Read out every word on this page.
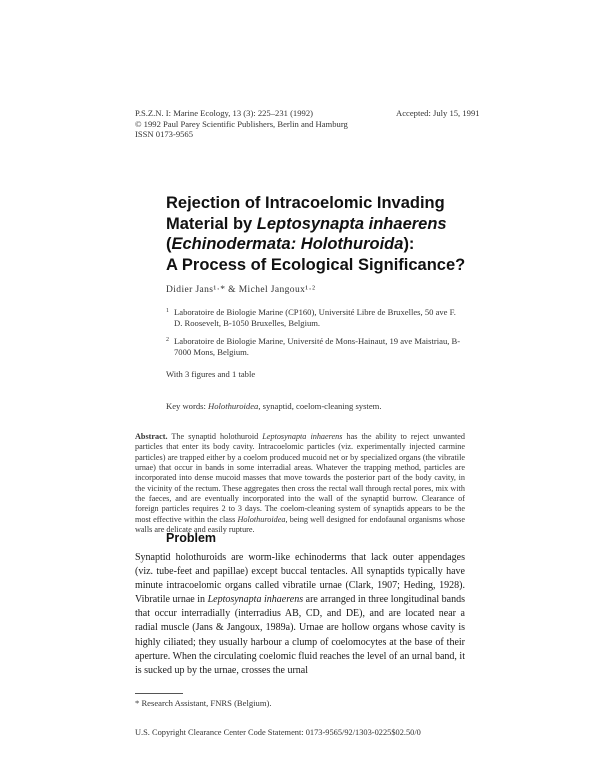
P.S.Z.N. I: Marine Ecology, 13 (3): 225–231 (1992)
© 1992 Paul Parey Scientific Publishers, Berlin and Hamburg
ISSN 0173-9565
Accepted: July 15, 1991
Rejection of Intracoelomic Invading
Material by Leptosynapta inhaerens
(Echinodermata: Holothuroida):
A Process of Ecological Significance?
Didier Jans¹·* & Michel Jangoux¹·²
1 Laboratoire de Biologie Marine (CP160), Université Libre de Bruxelles, 50 ave F. D. Roosevelt, B-1050 Bruxelles, Belgium.
2 Laboratoire de Biologie Marine, Université de Mons-Hainaut, 19 ave Maistriau, B-7000 Mons, Belgium.
With 3 figures and 1 table
Key words: Holothuroidea, synaptid, coelom-cleaning system.
Abstract. The synaptid holothuroid Leptosynapta inhaerens has the ability to reject unwanted particles that enter its body cavity. Intracoelomic particles (viz. experimentally injected carmine particles) are trapped either by a coelom produced mucoid net or by specialized organs (the vibratile urnae) that occur in bands in some interradial areas. Whatever the trapping method, particles are incorporated into dense mucoid masses that move towards the posterior part of the body cavity, in the vicinity of the rectum. These aggregates then cross the rectal wall through rectal pores, mix with the faeces, and are eventually incorporated into the wall of the synaptid burrow. Clearance of foreign particles requires 2 to 3 days. The coelom-cleaning system of synaptids appears to be the most effective within the class Holothuroidea, being well designed for endofaunal organisms whose walls are delicate and easily rupture.
Problem
Synaptid holothuroids are worm-like echinoderms that lack outer appendages (viz. tube-feet and papillae) except buccal tentacles. All synaptids typically have minute intracoelomic organs called vibratile urnae (Clark, 1907; Heding, 1928). Vibratile urnae in Leptosynapta inhaerens are arranged in three longitudinal bands that occur interradially (interradius AB, CD, and DE), and are located near a radial muscle (Jans & Jangoux, 1989a). Urnae are hollow organs whose cavity is highly ciliated; they usually harbour a clump of coelomocytes at the base of their aperture. When the circulating coelomic fluid reaches the level of an urnal band, it is sucked up by the urnae, crosses the urnal
* Research Assistant, FNRS (Belgium).
U.S. Copyright Clearance Center Code Statement: 0173-9565/92/1303-0225$02.50/0
